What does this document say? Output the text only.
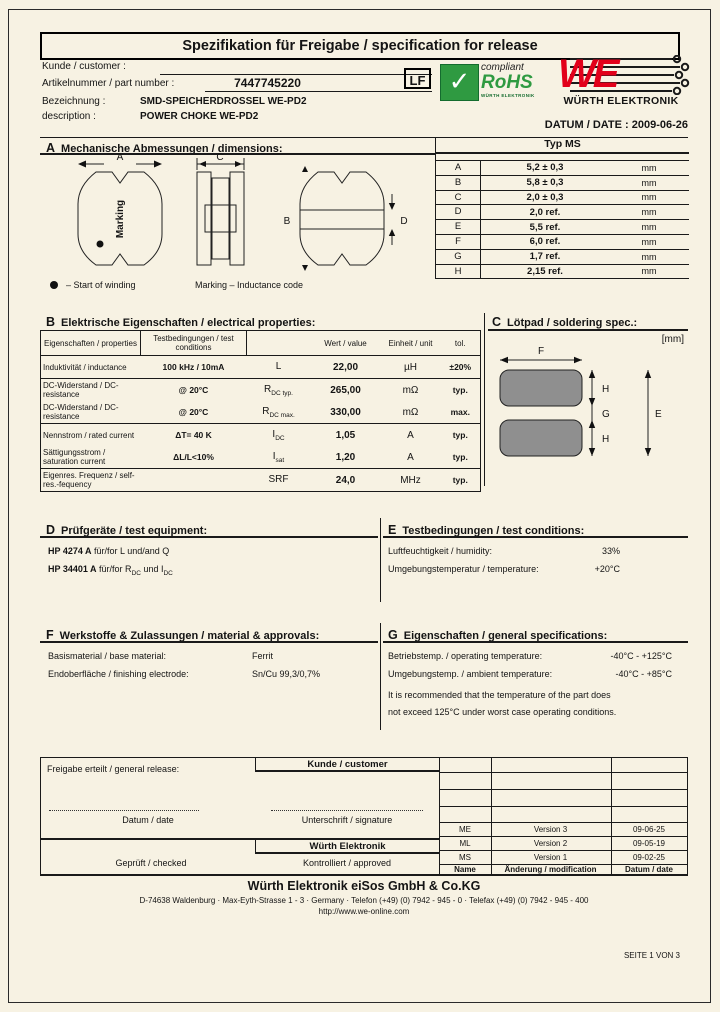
Spezifikation für Freigabe / specification for release
Kunde / customer :
Artikelnummer / part number :	7447745220
Bezeichnung :	SMD-SPEICHERDROSSEL WE-PD2
description :	POWER CHOKE WE-PD2
LF ✓	compliant
RoHS
WÜRTH ELEKTRONIK WE
WÜRTH ELEKTRONIK
DATUM / DATE : 2009-06-26
A Mechanische Abmessungen / dimensions:	Typ MS
A	5,2 ± 0,3	mm
B	5,8 ± 0,3	mm
C	2,0 ± 0,3	mm
D	2,0 ref.	mm
E	5,5 ref.	mm
F	6,0 ref.	mm
G	1,7 ref.	mm
H	2,15 ref.	mm
A	C
B	D
Marking
– Start of winding	Marking – Inductance code
B Elektrische Eigenschaften / electrical properties:
Eigenschaften / properties	Testbedingungen / test conditions		Wert / value	Einheit / unit	tol.
Induktivität / inductance	100 kHz / 10mA	L	22,00	µH	±20%
DC-Widerstand / DC-resistance	@ 20°C	$R_{DC typ.}$	265,00	mΩ	typ.
DC-Widerstand / DC-resistance	@ 20°C	$R_{DC max.}$	330,00	mΩ	max.
Nennstrom / rated current	ΔT= 40 K	$I_{DC}$	1,05	A	typ.
Sättigungsstrom / saturation current	ΔL/L<10%	$I_{sat}$	1,20	A	typ.
Eigenres. Frequenz / self-res.-fequency		SRF	24,0	MHz	typ.
C Lötpad / soldering spec.:
[mm]
F
H
G
H
E
D Prüfgeräte / test equipment:
HP 4274 A für/for L und/and Q
HP 34401 A für/for $R_{DC}$ und $I_{DC}$
E Testbedingungen / test conditions:
Luftfeuchtigkeit / humidity:	33%
Umgebungstemperatur / temperature:	+20°C
F Werkstoffe & Zulassungen / material & approvals:
Basismaterial / base material:	Ferrit
Endoberfläche / finishing electrode:	Sn/Cu 99,3/0,7%
G Eigenschaften / general specifications:
Betriebstemp. / operating temperature:	-40°C - +125°C
Umgebungstemp. / ambient temperature:	-40°C - +85°C
It is recommended that the temperature of the part does
not exceed 125°C under worst case operating conditions.
Freigabe erteilt / general release:	Kunde / customer
Datum / date	Unterschrift / signature
Würth Elektronik
Geprüft / checked	Kontrolliert / approved
ME	Version 3	09-06-25
ML	Version 2	09-05-19
MS	Version 1	09-02-25
Name	Änderung / modification	Datum / date
Würth Elektronik eiSos GmbH & Co.KG
D-74638 Waldenburg · Max-Eyth-Strasse 1 - 3 · Germany · Telefon (+49) (0) 7942 - 945 - 0 · Telefax (+49) (0) 7942 - 945 - 400
http://www.we-online.com
SEITE 1 VON 3
